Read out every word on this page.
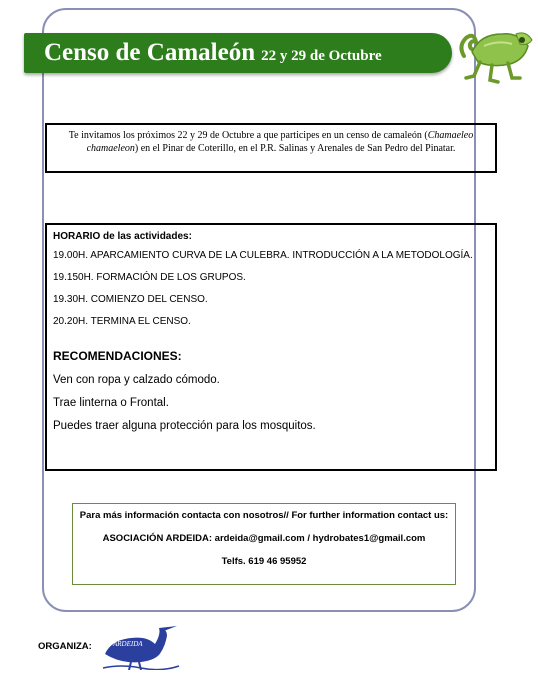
Censo de Camaleón 22 y 29 de Octubre
Te invitamos los próximos 22 y 29 de Octubre a que participes en un censo de camaleón (Chamaeleo chamaeleon) en el Pinar de Coterillo, en el P.R. Salinas y Arenales de San Pedro del Pinatar.
HORARIO de las actividades:
19.00H. APARCAMIENTO CURVA DE LA CULEBRA. INTRODUCCIÓN A LA METODOLOGÍA.
19.150H. FORMACIÓN DE LOS GRUPOS.
19.30H. COMIENZO DEL CENSO.
20.20H. TERMINA EL CENSO.
RECOMENDACIONES:
Ven con ropa y calzado cómodo.
Trae linterna o Frontal.
Puedes traer alguna protección para los mosquitos.
Para más información contacta con nosotros// For further information contact us:
ASOCIACIÓN ARDEIDA: ardeida@gmail.com / hydrobates1@gmail.com
Telfs. 619 46 95952
ORGANIZA:	ARDEIDA
